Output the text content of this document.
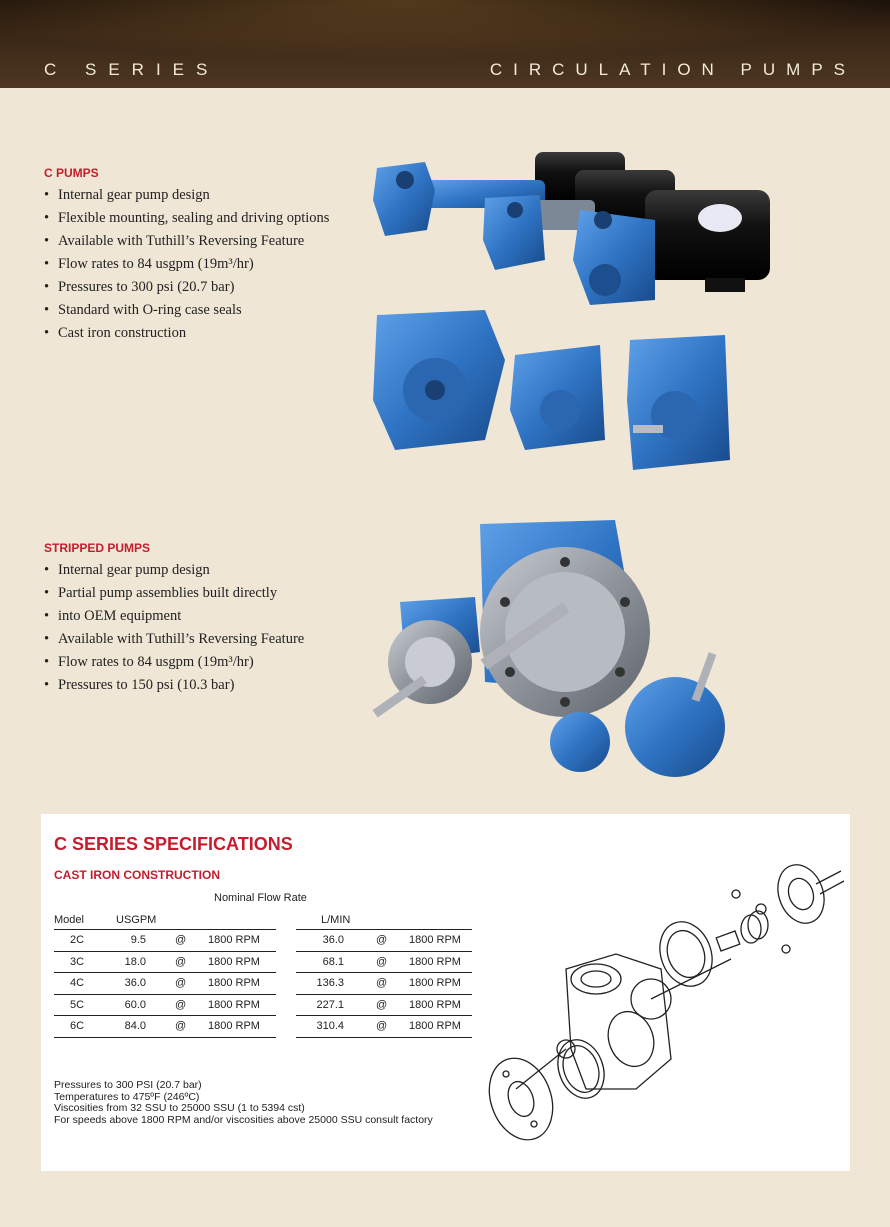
C SERIES	CIRCULATION PUMPS
C PUMPS
• Internal gear pump design
• Flexible mounting, sealing and driving options
• Available with Tuthill’s Reversing Feature
• Flow rates to 84 usgpm (19m³/hr)
• Pressures to 300 psi (20.7 bar)
• Standard with O-ring case seals
• Cast iron construction
STRIPPED PUMPS
• Internal gear pump design
• Partial pump assemblies built directly
• into OEM equipment
• Available with Tuthill’s Reversing Feature
• Flow rates to 84 usgpm (19m³/hr)
• Pressures to 150 psi (10.3 bar)
C SERIES SPECIFICATIONS
CAST IRON CONSTRUCTION
Nominal Flow Rate
Model	USGPM	L/MIN
2C	9.5	@ 1800 RPM	36.0	@ 1800 RPM
3C	18.0	@ 1800 RPM	68.1	@ 1800 RPM
4C	36.0	@ 1800 RPM	136.3	@ 1800 RPM
5C	60.0	@ 1800 RPM	227.1	@ 1800 RPM
6C	84.0	@ 1800 RPM	310.4	@ 1800 RPM
Pressures to 300 PSI (20.7 bar)
Temperatures to 475ºF (246ºC)
Viscosities from 32 SSU to 25000 SSU (1 to 5394 cst)
For speeds above 1800 RPM and/or viscosities above 25000 SSU consult factory
